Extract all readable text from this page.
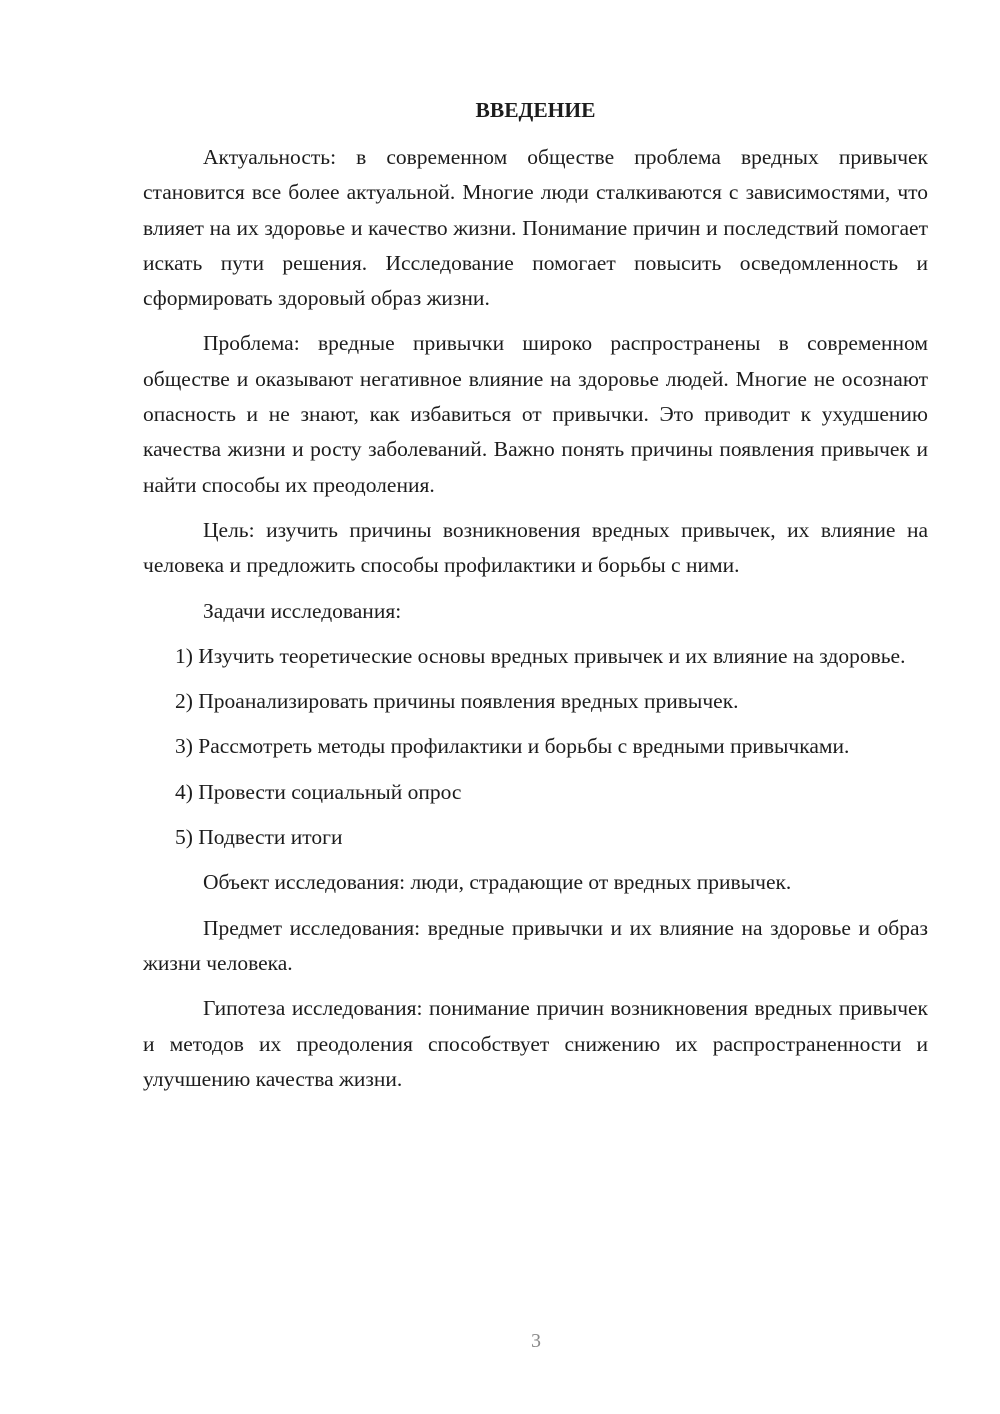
ВВЕДЕНИЕ

Актуальность: в современном обществе проблема вредных привычек становится все более актуальной. Многие люди сталкиваются с зависимостями, что влияет на их здоровье и качество жизни. Понимание причин и последствий помогает искать пути решения. Исследование помогает повысить осведомленность и сформировать здоровый образ жизни.

Проблема: вредные привычки широко распространены в современном обществе и оказывают негативное влияние на здоровье людей. Многие не осознают опасность и не знают, как избавиться от привычки. Это приводит к ухудшению качества жизни и росту заболеваний. Важно понять причины появления привычек и найти способы их преодоления.

Цель: изучить причины возникновения вредных привычек, их влияние на человека и предложить способы профилактики и борьбы с ними.

Задачи исследования:

1) Изучить теоретические основы вредных привычек и их влияние на здоровье.

2) Проанализировать причины появления вредных привычек.

3) Рассмотреть методы профилактики и борьбы с вредными привычками.

4) Провести социальный опрос

5) Подвести итоги

Объект исследования: люди, страдающие от вредных привычек.

Предмет исследования: вредные привычки и их влияние на здоровье и образ жизни человека.

Гипотеза исследования: понимание причин возникновения вредных привычек и методов их преодоления способствует снижению их распространенности и улучшению качества жизни.

3
